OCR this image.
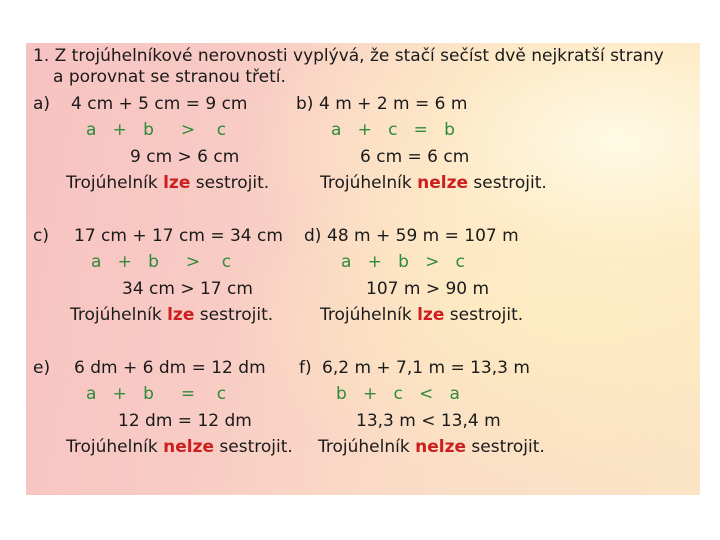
1. Z trojúhelníkové nerovnosti vyplývá, že stačí sečíst dvě nejkratší strany
a porovnat se stranou třetí.
a) 4 cm + 5 cm = 9 cm
a   +   b     >    c
9 cm > 6 cm
Trojúhelník lze sestrojit.
b) 4 m + 2 m = 6 m
a   +   c   =   b
6 cm = 6 cm
Trojúhelník nelze sestrojit.
c) 17 cm + 17 cm = 34 cm
a   +   b     >    c
34 cm > 17 cm
Trojúhelník lze sestrojit.
d) 48 m + 59 m = 107 m
a   +   b   >   c
107 m > 90 m
Trojúhelník lze sestrojit.
e) 6 dm + 6 dm = 12 dm
a   +   b     =    c
12 dm = 12 dm
Trojúhelník nelze sestrojit.
f) 6,2 m + 7,1 m = 13,3 m
b   +   c   <   a
13,3 m < 13,4 m
Trojúhelník nelze sestrojit.
